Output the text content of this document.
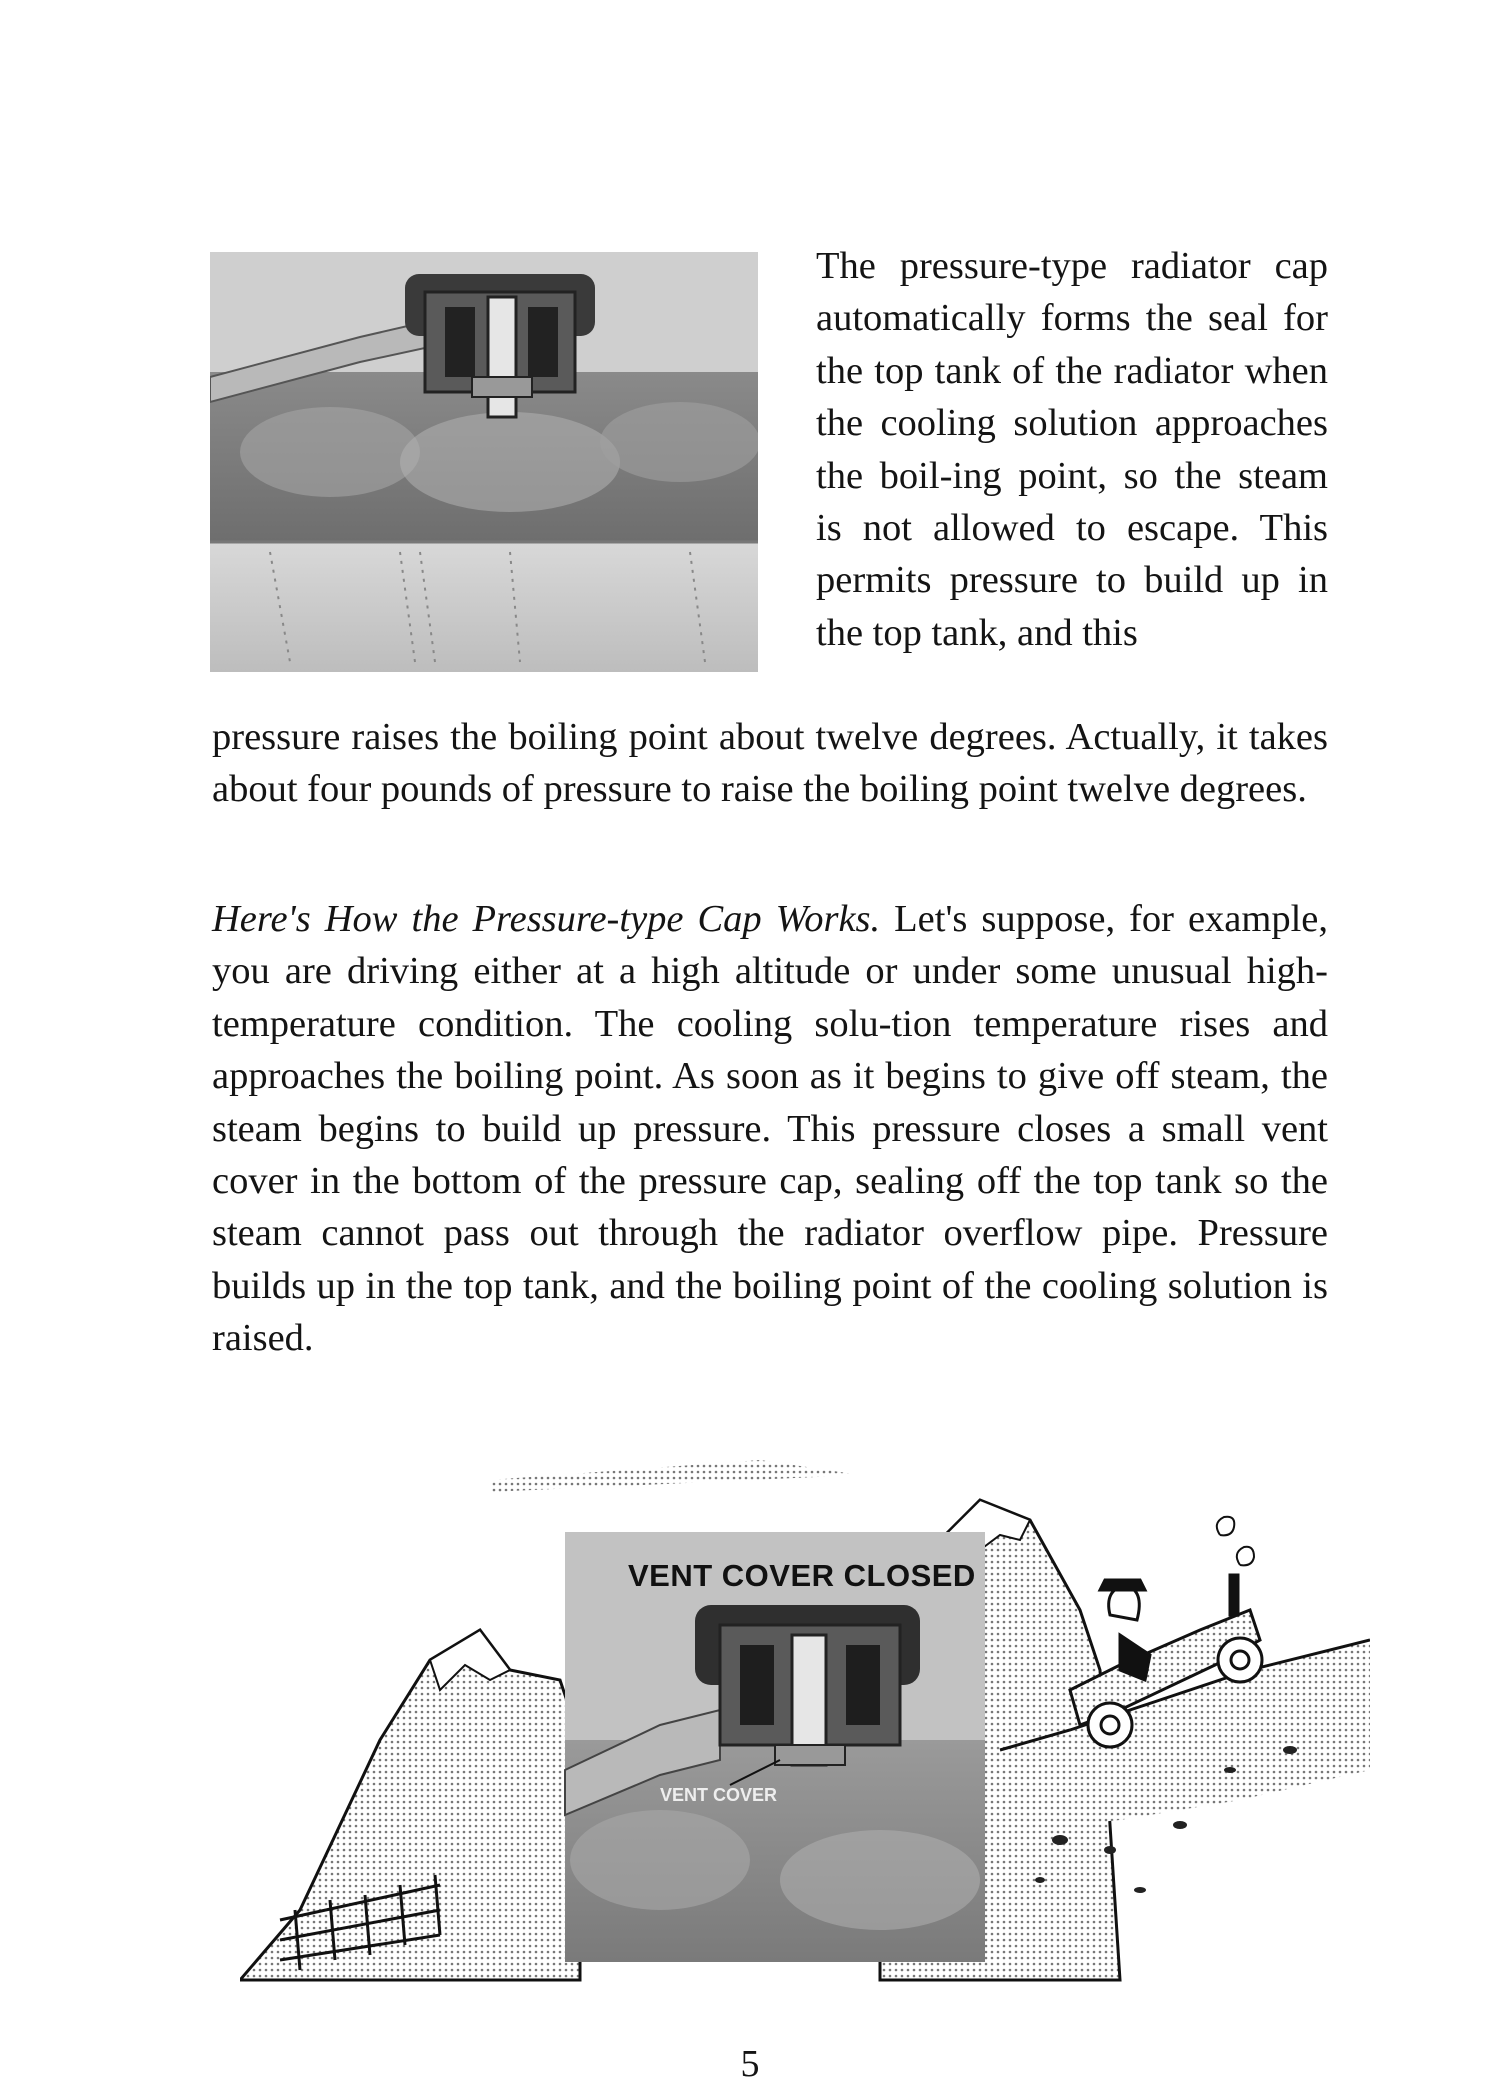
The pressure-type radiator cap automatically forms the seal for the top tank of the radiator when the cooling solution approaches the boil-ing point, so the steam is not allowed to escape. This permits pressure to build up in the top tank, and this
pressure raises the boiling point about twelve degrees. Actually, it takes about four pounds of pressure to raise the boiling point twelve degrees.
Here's How the Pressure-type Cap Works. Let's suppose, for example, you are driving either at a high altitude or under some unusual high-temperature condition. The cooling solu-tion temperature rises and approaches the boiling point. As soon as it begins to give off steam, the steam begins to build up pressure. This pressure closes a small vent cover in the bottom of the pressure cap, sealing off the top tank so the steam cannot pass out through the radiator overflow pipe. Pressure builds up in the top tank, and the boiling point of the cooling solution is raised.
VENT COVER CLOSED
VENT COVER
5
